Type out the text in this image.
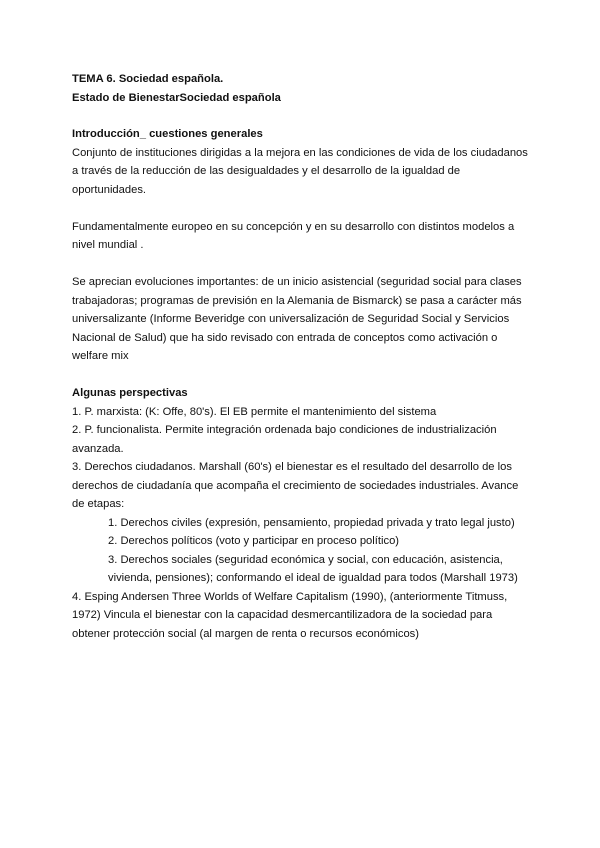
TEMA 6. Sociedad española.

Estado de BienestarSociedad española

Introducción_ cuestiones generales

Conjunto de instituciones dirigidas a la mejora en las condiciones de vida de los ciudadanos

a través de la reducción de las desigualdades y el desarrollo de la igualdad de

oportunidades.

Fundamentalmente europeo en su concepción y en su desarrollo con distintos modelos a

nivel mundial .

Se aprecian evoluciones importantes: de un inicio asistencial (seguridad social para clases

trabajadoras; programas de previsión en la Alemania de Bismarck) se pasa a carácter más

universalizante (Informe Beveridge con universalización de Seguridad Social y Servicios

Nacional de Salud) que ha sido revisado con entrada de conceptos como activación o

welfare mix

Algunas perspectivas

1. P. marxista: (K: Offe, 80's). El EB permite el mantenimiento del sistema

2. P. funcionalista. Permite integración ordenada bajo condiciones de industrialización

avanzada.

3. Derechos ciudadanos. Marshall (60's) el bienestar es el resultado del desarrollo de los

derechos de ciudadanía que acompaña el crecimiento de sociedades industriales. Avance

de etapas:

1. Derechos civiles (expresión, pensamiento, propiedad privada y trato legal justo)

2. Derechos políticos (voto y participar en proceso político)

3. Derechos sociales (seguridad económica y social, con educación, asistencia,

vivienda, pensiones); conformando el ideal de igualdad para todos (Marshall 1973)

4. Esping Andersen Three Worlds of Welfare Capitalism (1990), (anteriormente Titmuss,

1972) Vincula el bienestar con la capacidad desmercantilizadora de la sociedad para

obtener protección social (al margen de renta o recursos económicos)
